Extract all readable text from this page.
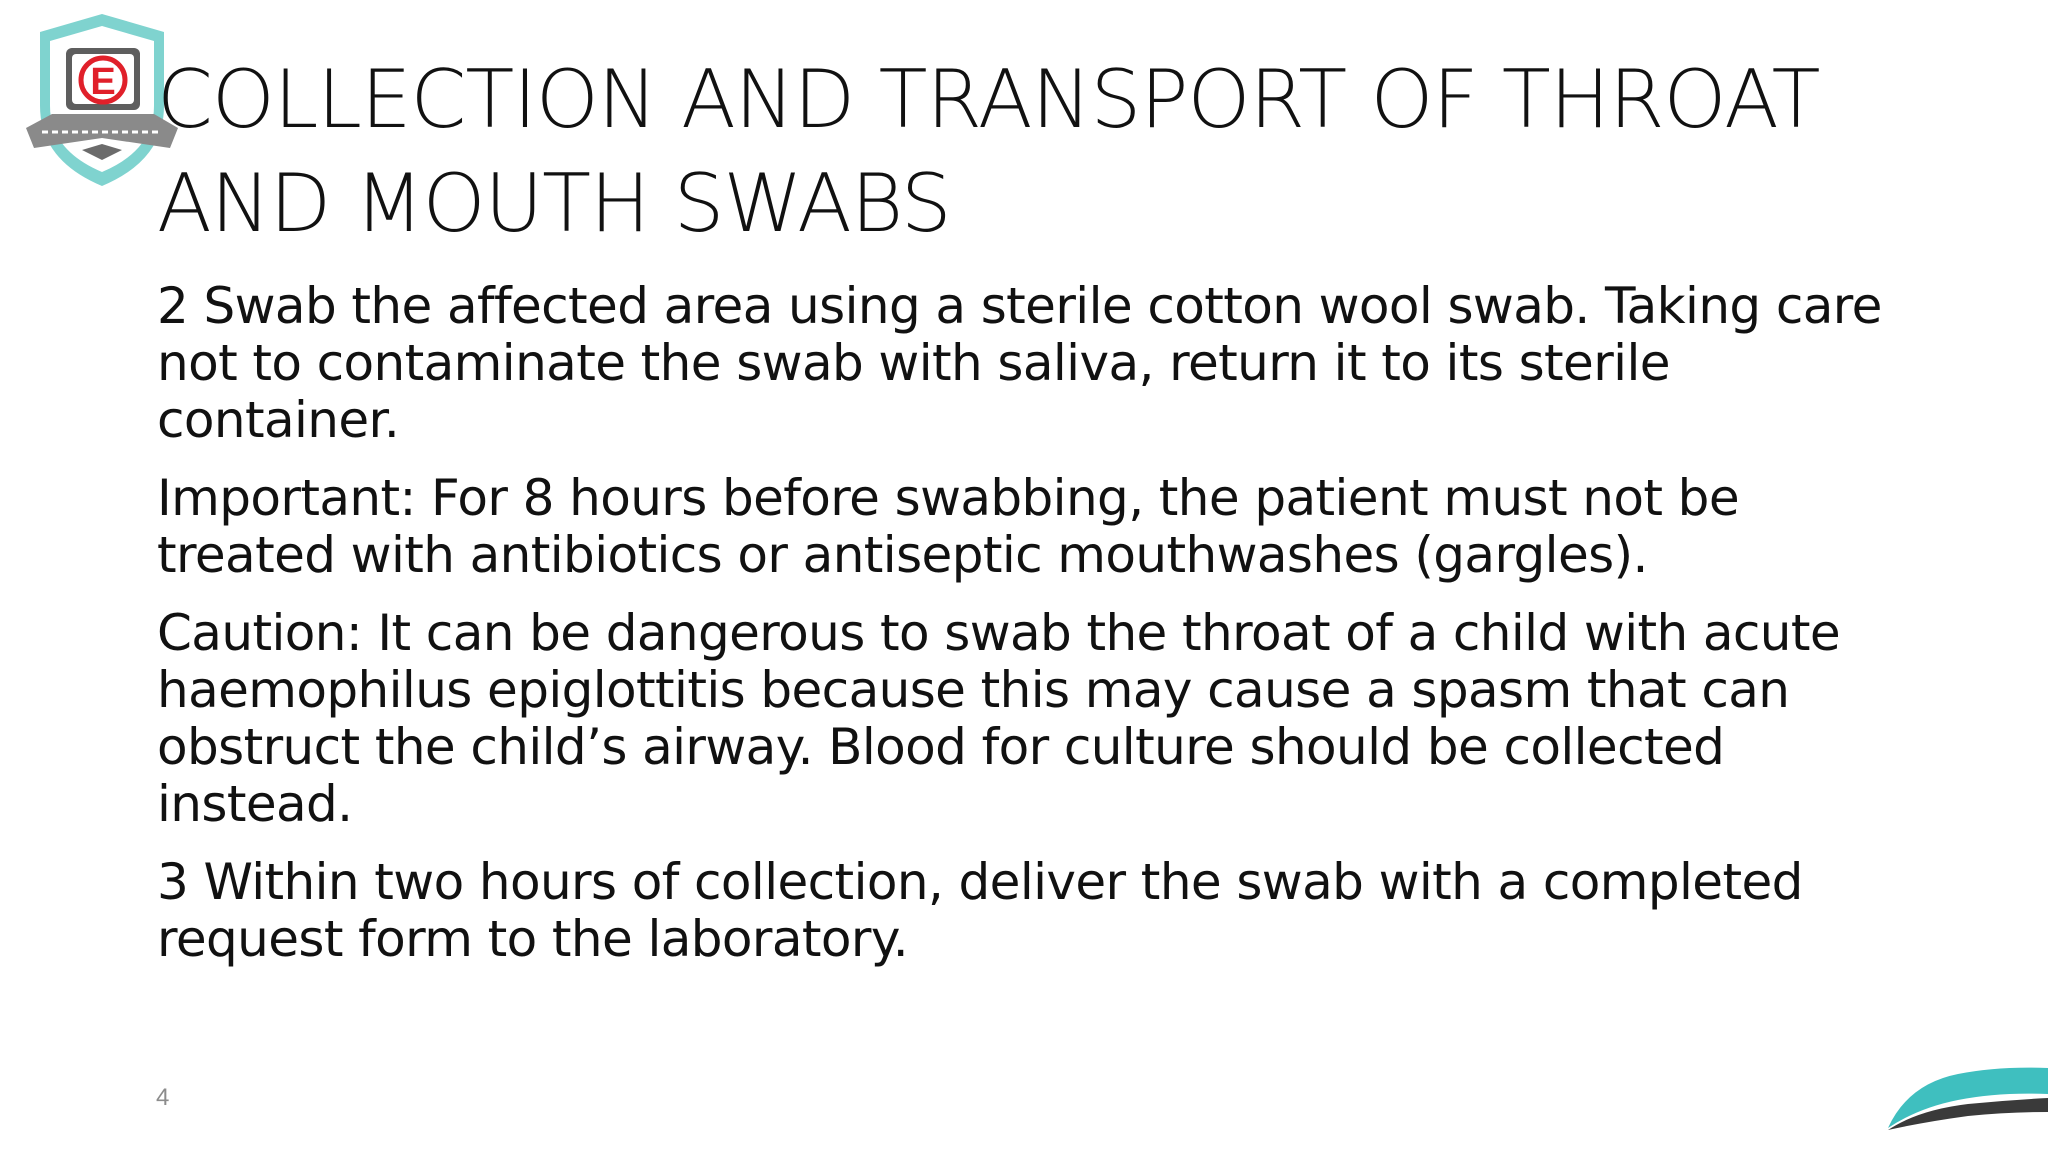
E COLLECTION AND TRANSPORT OF THROAT
AND MOUTH SWABS

2 Swab the affected area using a sterile cotton wool swab. Taking care
not to contaminate the swab with saliva, return it to its sterile
container.

Important: For 8 hours before swabbing, the patient must not be
treated with antibiotics or antiseptic mouthwashes (gargles).

Caution: It can be dangerous to swab the throat of a child with acute
haemophilus epiglottitis because this may cause a spasm that can
obstruct the child’s airway. Blood for culture should be collected
instead.

3 Within two hours of collection, deliver the swab with a completed
request form to the laboratory.

4
